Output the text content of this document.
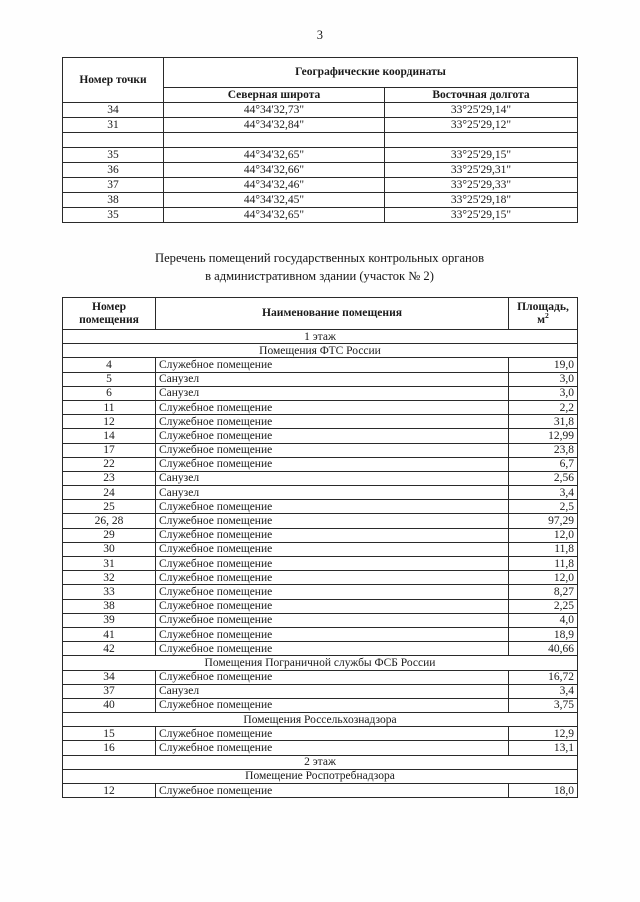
3
Номер точки	Географические координаты	
	Северная широта	Восточная долгота
34	44°34'32,73"	33°25'29,14"
31	44°34'32,84"	33°25'29,12"

35	44°34'32,65"	33°25'29,15"
36	44°34'32,66"	33°25'29,31"
37	44°34'32,46"	33°25'29,33"
38	44°34'32,45"	33°25'29,18"
35	44°34'32,65"	33°25'29,15"
Перечень помещений государственных контрольных органов
в административном здании (участок № 2)
Номер
помещения	Наименование помещения	Площадь, $м^2$
1 этаж		
Помещения ФТС России		
4	Служебное помещение	19,0
5	Санузел	3,0
6	Санузел	3,0
11	Служебное помещение	2,2
12	Служебное помещение	31,8
14	Служебное помещение	12,99
17	Служебное помещение	23,8
22	Служебное помещение	6,7
23	Санузел	2,56
24	Санузел	3,4
25	Служебное помещение	2,5
26, 28	Служебное помещение	97,29
29	Служебное помещение	12,0
30	Служебное помещение	11,8
31	Служебное помещение	11,8
32	Служебное помещение	12,0
33	Служебное помещение	8,27
38	Служебное помещение	2,25
39	Служебное помещение	4,0
41	Служебное помещение	18,9
42	Служебное помещение	40,66
Помещения Пограничной службы ФСБ России		
34	Служебное помещение	16,72
37	Санузел	3,4
40	Служебное помещение	3,75
Помещения Россельхознадзора		
15	Служебное помещение	12,9
16	Служебное помещение	13,1
2 этаж		
Помещение Роспотребнадзора		
12	Служебное помещение	18,0
